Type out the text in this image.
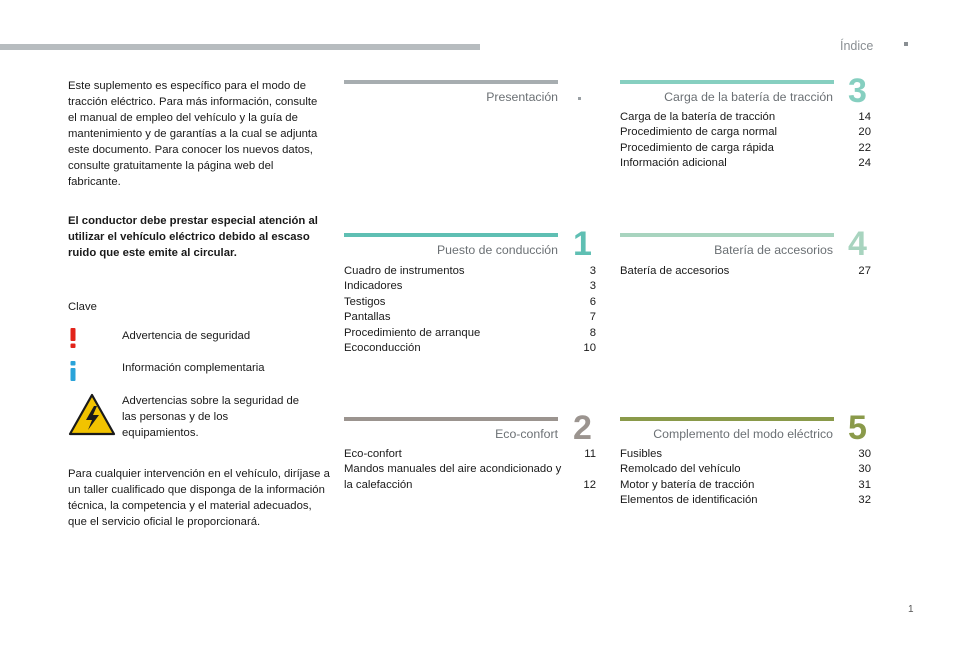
Índice
Este suplemento es específico para el modo de tracción eléctrico. Para más información, consulte el manual de empleo del vehículo y la guía de mantenimiento y de garantías a la cual se adjunta este documento. Para conocer los nuevos datos, consulte gratuitamente la página web del fabricante.
El conductor debe prestar especial atención al utilizar el vehículo eléctrico debido al escaso ruido que este emite al circular.
Clave
Advertencia de seguridad
Información complementaria
Advertencias sobre la seguridad de las personas y de los equipamientos.
Para cualquier intervención en el vehículo, diríjase a un taller cualificado que disponga de la información técnica, la competencia y el material adecuados, que el servicio oficial le proporcionará.
Presentación
Puesto de conducción 1
Cuadro de instrumentos	3
Indicadores	3
Testigos	6
Pantallas	7
Procedimiento de arranque	8
Ecoconducción	10
Eco-confort 2
Eco-confort	11
Mandos manuales del aire acondicionado y la calefacción	12
Carga de la batería de tracción 3
Carga de la batería de tracción	14
Procedimiento de carga normal	20
Procedimiento de carga rápida	22
Información adicional	24
Batería de accesorios 4
Batería de accesorios	27
Complemento del modo eléctrico 5
Fusibles	30
Remolcado del vehículo	30
Motor y batería de tracción	31
Elementos de identificación	32
1
